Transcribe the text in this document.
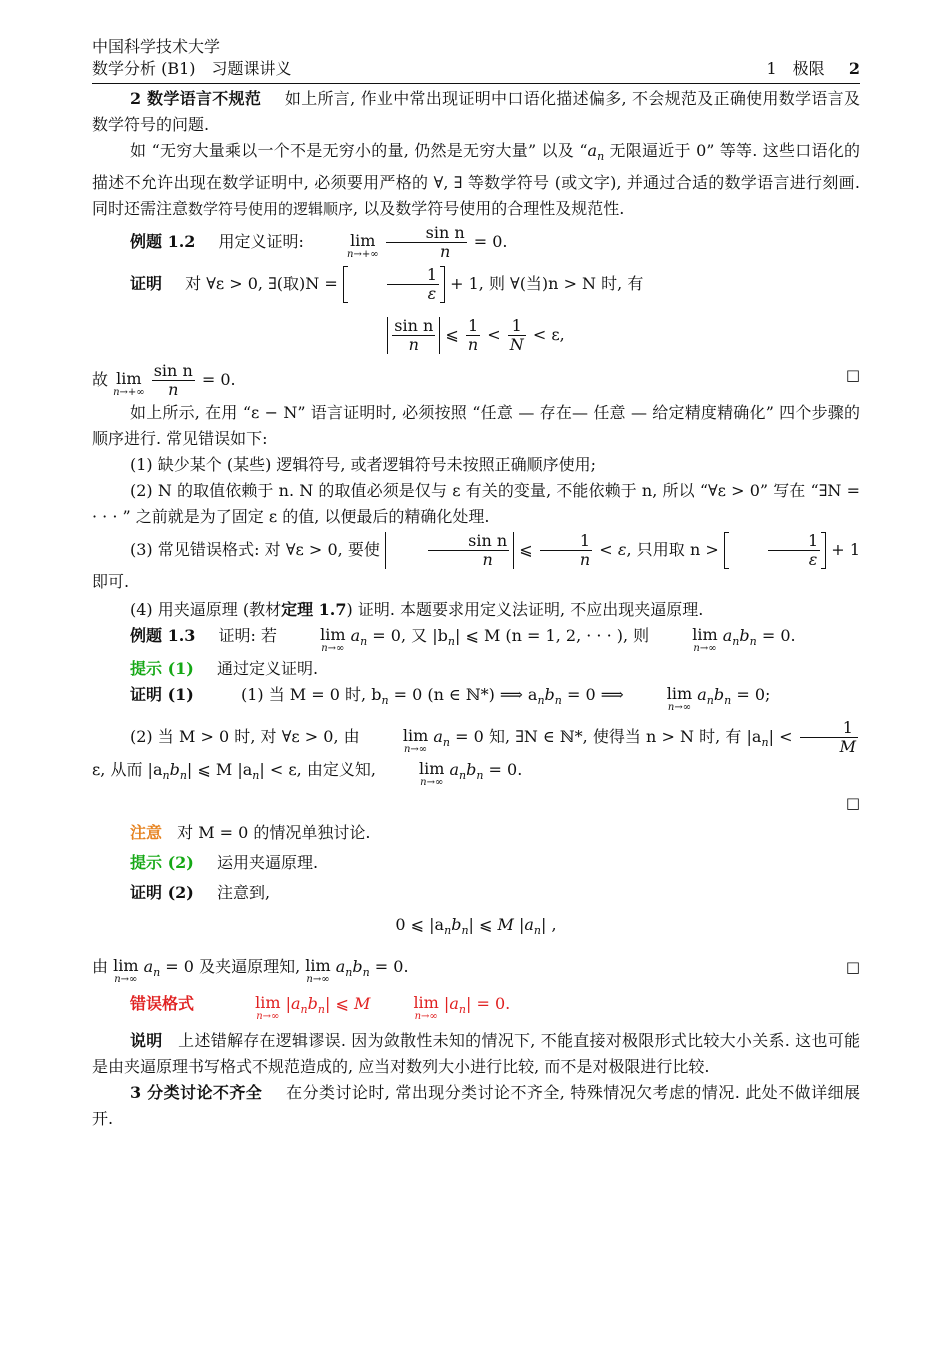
中国科学技术大学
数学分析 (B1)　习题课讲义	1　极限 2

2 数学语言不规范 如上所言, 作业中常出现证明中口语化描述偏多, 不会规范及正确使用数学语言及数学符号的问题.

如 “无穷大量乘以一个不是无穷小的量, 仍然是无穷大量” 以及 “$a_n$ 无限逼近于 0” 等等. 这些口语化的描述不允许出现在数学证明中, 必须要用严格的 ∀, ∃ 等数学符号 (或文字), 并通过合适的数学语言进行刻画. 同时还需注意数学符号使用的逻辑顺序, 以及数学符号使用的合理性及规范性.

例题 1.2 用定义证明:	lim
n→+∞
$\frac{\text{sin n}}{n} = 0$.

证明 对 ∀ε > 0, ∃(取)N =	$\frac{1}{\varepsilon} + 1$, 则 ∀(当)n > N 时, 有

$\frac{\text{sin n}}{n}$ ⩽ $\frac{1}{n} < \frac{1}{N} < \varepsilon$,

故 lim
n→+∞
$\frac{\text{sin n}}{n} = 0$.	□

如上所示, 在用 “ε − N” 语言证明时, 必须按照 “任意 — 存在— 任意 — 给定精度精确化” 四个步骤的顺序进行. 常见错误如下:

(1) 缺少某个 (某些) 逻辑符号, 或者逻辑符号未按照正确顺序使用;

(2) N 的取值依赖于 n. N 的取值必须是仅与 ε 有关的变量, 不能依赖于 n, 所以 “∀ε > 0” 写在 “∃N = · · · ” 之前就是为了固定 ε 的值, 以便最后的精确化处理.

(3) 常见错误格式: 对 ∀ε > 0, 要使	$\frac{\text{sin n}}{n}$ ⩽ $\frac{1}{n} < \varepsilon$, 只用取 n >	$\frac{1}{\varepsilon} + 1$ 即可.

(4) 用夹逼原理 (教材定理 1.7) 证明. 本题要求用定义法证明, 不应出现夹逼原理.

例题 1.3 证明: 若	lim
n→∞
$a_n = 0$, 又 $|b_n|$ ⩽ M (n = 1, 2, · · · ), 则	lim
n→∞
$a_nb_n = 0$.

提示 (1) 通过定义证明.

证明 (1)	(1) 当 M = 0 时, $b_n = 0$ (n ∈ ℕ*) ⟹ $a_nb_n = 0$ ⟹	lim
n→∞
$a_nb_n = 0$;

(2) 当 M > 0 时, 对 ∀ε > 0, 由	lim
n→∞
$a_n = 0$ 知, ∃N ∈ ℕ*, 使得当 n > N 时, 有 $|a_n| < \frac{1}{M}$
ε, 从而 $|a_nb_n|$ ⩽ M $|a_n| < \varepsilon$, 由定义知,	lim
n→∞
$a_nb_n = 0$.

□

注意 对 M = 0 的情况单独讨论.

提示 (2) 运用夹逼原理.

证明 (2) 注意到,

0 ⩽ $|a_nb_n|$ ⩽ M $|a_n|$ ,

由 lim
n→∞
$a_n = 0$ 及夹逼原理知, lim
n→∞
$a_nb_n = 0$.	□

错误格式	lim
n→∞
$|a_nb_n|$ ⩽ M	lim
n→∞
$|a_n| = 0$.

说明 上述错解存在逻辑谬误. 因为敛散性未知的情况下, 不能直接对极限形式比较大小关系. 这也可能是由夹逼原理书写格式不规范造成的, 应当对数列大小进行比较, 而不是对极限进行比较.

3 分类讨论不齐全 在分类讨论时, 常出现分类讨论不齐全, 特殊情况欠考虑的情况. 此处不做详细展开.
